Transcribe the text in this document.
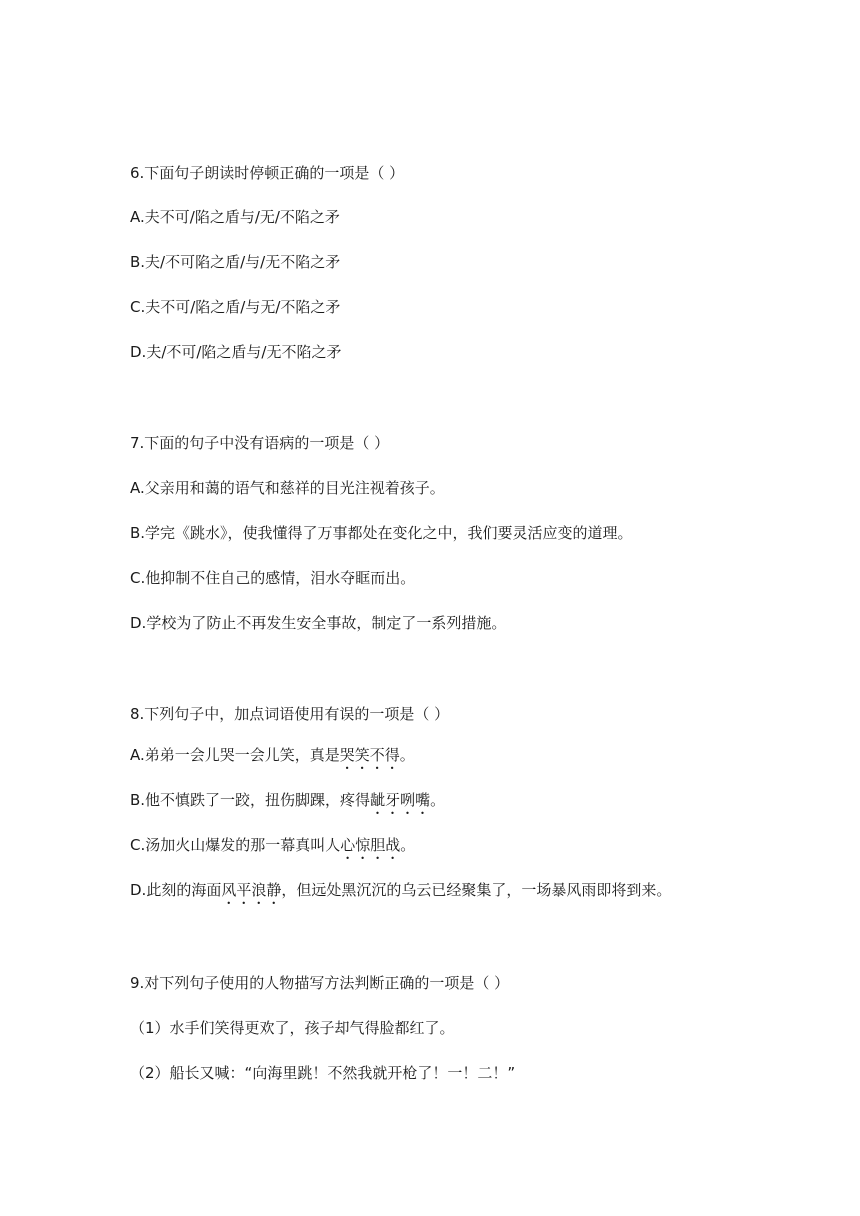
6.下面句子朗读时停顿正确的一项是（ ）
A.夫不可/陷之盾与/无/不陷之矛
B.夫/不可陷之盾/与/无不陷之矛
C.夫不可/陷之盾/与无/不陷之矛
D.夫/不可/陷之盾与/无不陷之矛
7.下面的句子中没有语病的一项是（ ）
A.父亲用和蔼的语气和慈祥的目光注视着孩子。
B.学完《跳水》，使我懂得了万事都处在变化之中，我们要灵活应变的道理。
C.他抑制不住自己的感情，泪水夺眶而出。
D.学校为了防止不再发生安全事故，制定了一系列措施。
8.下列句子中，加点词语使用有误的一项是（ ）
A.弟弟一会儿哭一会儿笑，真是哭笑不得。
B.他不慎跌了一跤，扭伤脚踝，疼得龇牙咧嘴。
C.汤加火山爆发的那一幕真叫人心惊胆战。
D.此刻的海面风平浪静，但远处黑沉沉的乌云已经聚集了，一场暴风雨即将到来。
9.对下列句子使用的人物描写方法判断正确的一项是（ ）
（1）水手们笑得更欢了，孩子却气得脸都红了。
（2）船长又喊：“向海里跳！不然我就开枪了！一！二！”
